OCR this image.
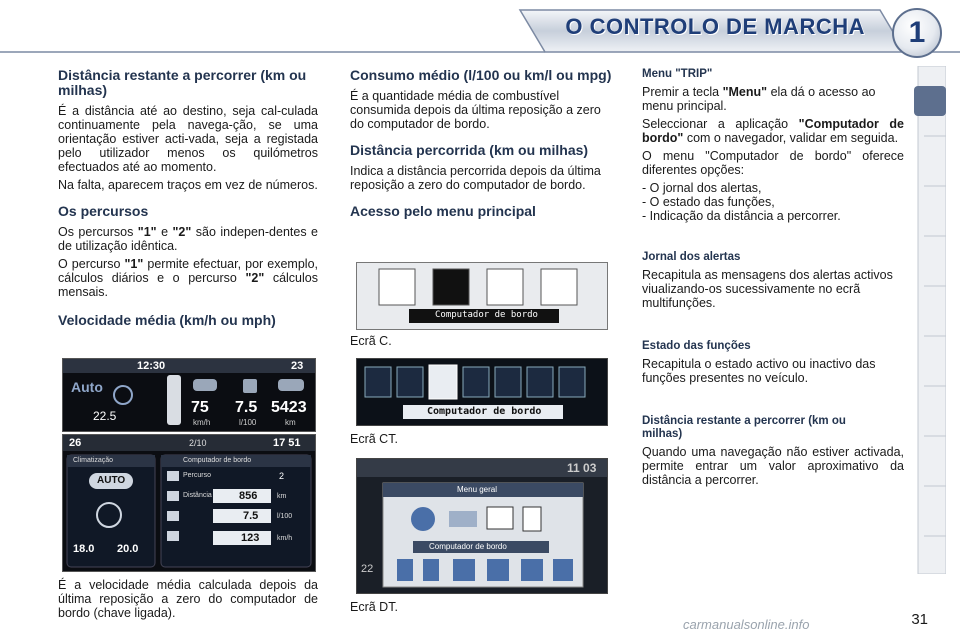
O CONTROLO DE MARCHA	1
Distância restante a percorrer (km ou milhas)

É a distância até ao destino, seja cal-culada continuamente pela navega-ção, se uma orientação estiver acti-vada, seja a registada pelo utilizador menos os quilómetros efectuados até ao momento.

Na falta, aparecem traços em vez de números.

Os percursos

Os percursos "1" e "2" são indepen-dentes e de utilização idêntica.

O percurso "1" permite efectuar, por exemplo, cálculos diários e o percurso "2" cálculos mensais.

Velocidade média (km/h ou mph)
12:30	23
Auto
22.5	75 7.5 5423
km/h	l/100	km
26	2/10	17 51
Climatização	Computador de bordo
AUTO
18.0 20.0
Percurso	2
Distância 856	km
7.5	l/100
123	km/h

É a velocidade média calculada depois da última reposição a zero do computador de bordo (chave ligada).

Consumo médio (l/100 ou km/l ou mpg)

É a quantidade média de combustível consumida depois da última reposição a zero do computador de bordo.

Distância percorrida (km ou milhas)

Indica a distância percorrida depois da última reposição a zero do computador de bordo.

Acesso pelo menu principal
Computador de bordo
Ecrã C.
Computador de bordo
Ecrã CT.
Menu geral
Computador de bordo
11 03
22
Ecrã DT.
Menu "TRIP"

Premir a tecla "Menu" ela dá o acesso ao menu principal.

Seleccionar a aplicação "Computador de bordo" com o navegador, validar em seguida.

O menu "Computador de bordo" oferece diferentes opções:

- O jornal dos alertas,
- O estado das funções,
- Indicação da distância a percorrer.
Jornal dos alertas

Recapitula as mensagens dos alertas activos viualizando-os sucessivamente no ecrã multifunções.

Estado das funções

Recapitula o estado activo ou inactivo das funções presentes no veículo.

Distância restante a percorrer (km ou milhas)

Quando uma navegação não estiver activada, permite entrar um valor aproximativo da distância a percorrer.

31
carmanualsonline.info
